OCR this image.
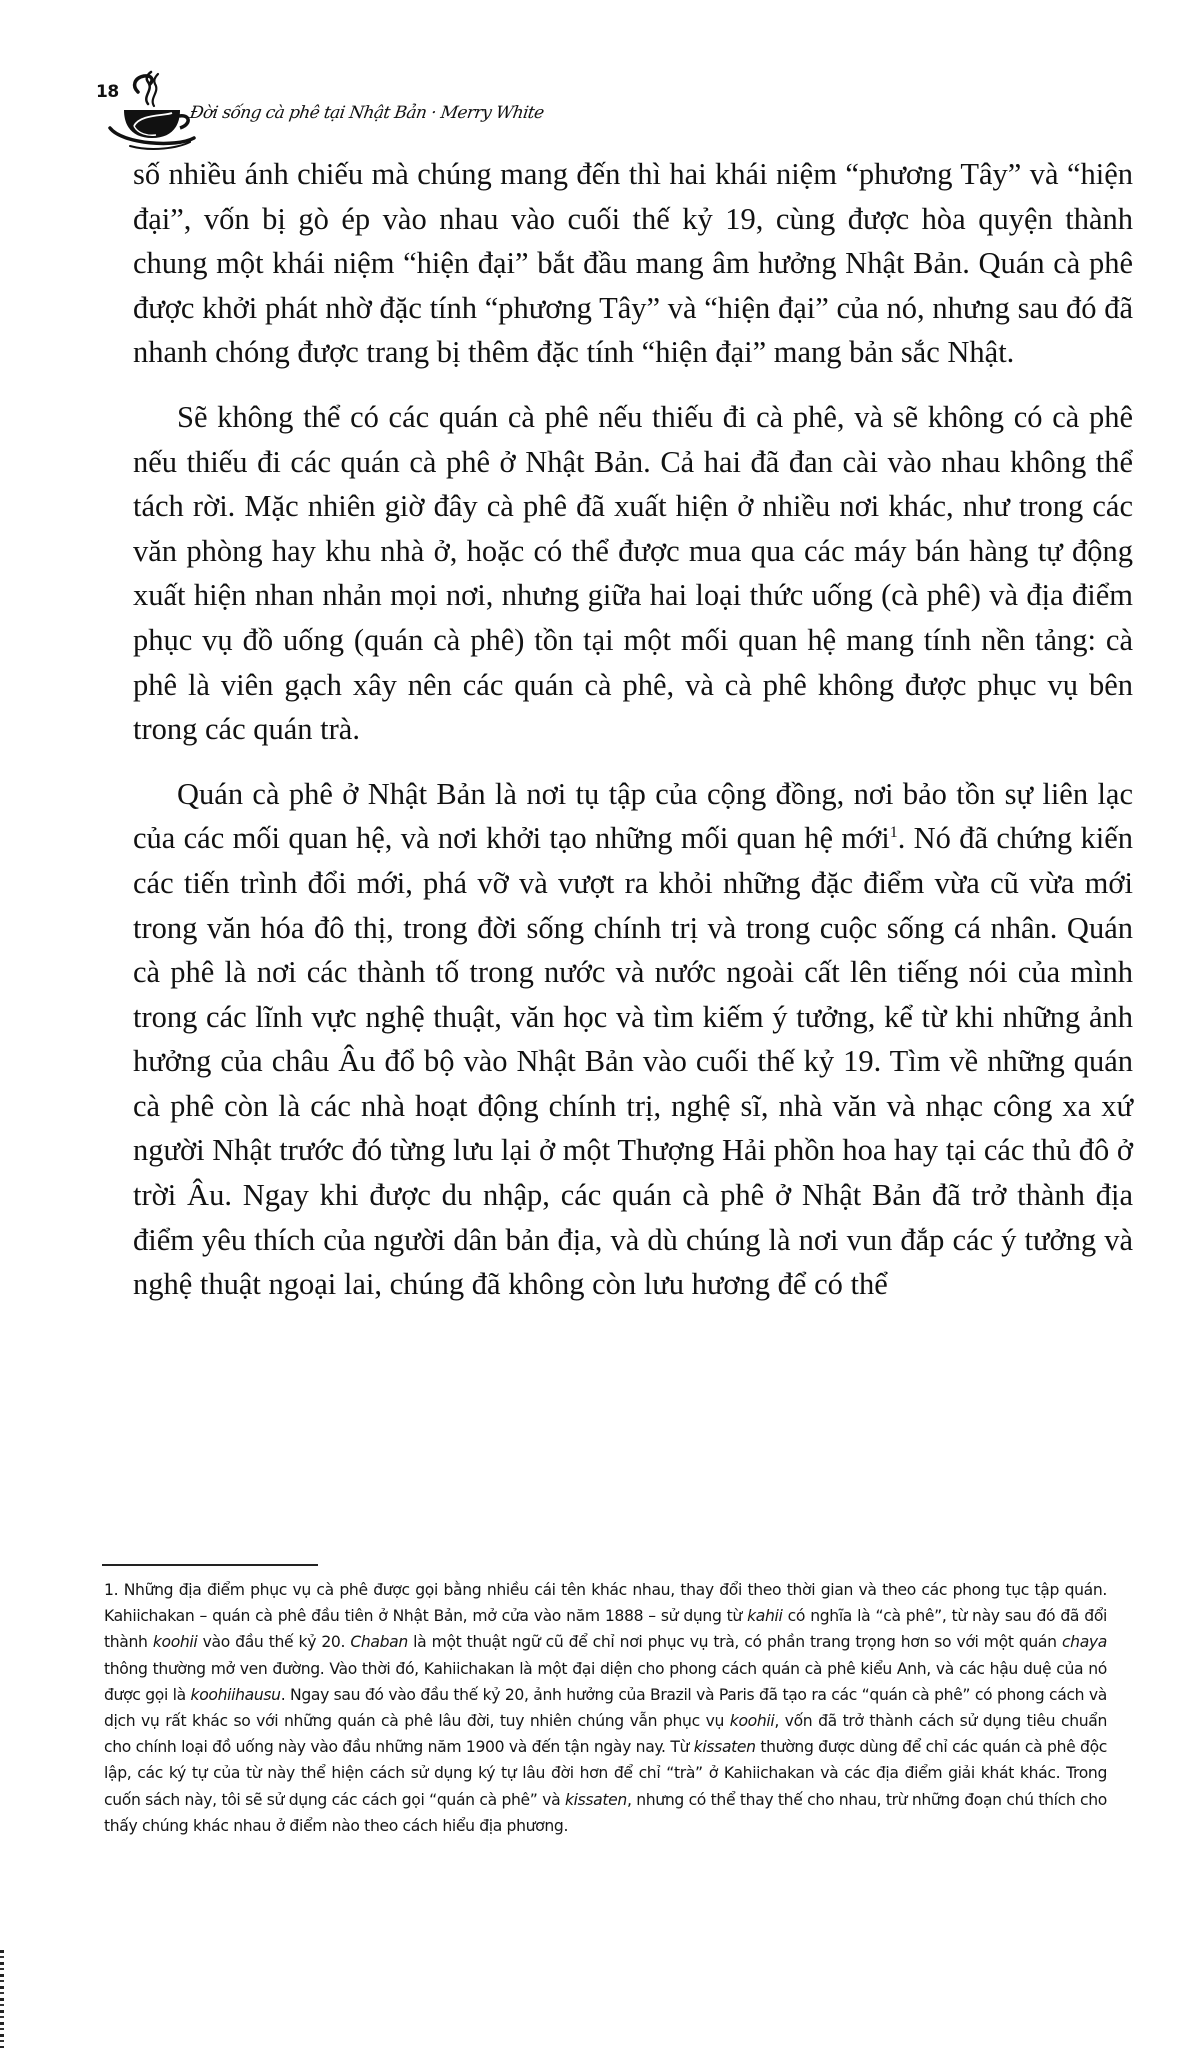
18
Đời sống cà phê tại Nhật Bản · Merry White

số nhiều ánh chiếu mà chúng mang đến thì hai khái niệm “phương Tây” và “hiện đại”, vốn bị gò ép vào nhau vào cuối thế kỷ 19, cùng được hòa quyện thành chung một khái niệm “hiện đại” bắt đầu mang âm hưởng Nhật Bản. Quán cà phê được khởi phát nhờ đặc tính “phương Tây” và “hiện đại” của nó, nhưng sau đó đã nhanh chóng được trang bị thêm đặc tính “hiện đại” mang bản sắc Nhật.

Sẽ không thể có các quán cà phê nếu thiếu đi cà phê, và sẽ không có cà phê nếu thiếu đi các quán cà phê ở Nhật Bản. Cả hai đã đan cài vào nhau không thể tách rời. Mặc nhiên giờ đây cà phê đã xuất hiện ở nhiều nơi khác, như trong các văn phòng hay khu nhà ở, hoặc có thể được mua qua các máy bán hàng tự động xuất hiện nhan nhản mọi nơi, nhưng giữa hai loại thức uống (cà phê) và địa điểm phục vụ đồ uống (quán cà phê) tồn tại một mối quan hệ mang tính nền tảng: cà phê là viên gạch xây nên các quán cà phê, và cà phê không được phục vụ bên trong các quán trà.

Quán cà phê ở Nhật Bản là nơi tụ tập của cộng đồng, nơi bảo tồn sự liên lạc của các mối quan hệ, và nơi khởi tạo những mối quan hệ mới$^1$. Nó đã chứng kiến các tiến trình đổi mới, phá vỡ và vượt ra khỏi những đặc điểm vừa cũ vừa mới trong văn hóa đô thị, trong đời sống chính trị và trong cuộc sống cá nhân. Quán cà phê là nơi các thành tố trong nước và nước ngoài cất lên tiếng nói của mình trong các lĩnh vực nghệ thuật, văn học và tìm kiếm ý tưởng, kể từ khi những ảnh hưởng của châu Âu đổ bộ vào Nhật Bản vào cuối thế kỷ 19. Tìm về những quán cà phê còn là các nhà hoạt động chính trị, nghệ sĩ, nhà văn và nhạc công xa xứ người Nhật trước đó từng lưu lại ở một Thượng Hải phồn hoa hay tại các thủ đô ở trời Âu. Ngay khi được du nhập, các quán cà phê ở Nhật Bản đã trở thành địa điểm yêu thích của người dân bản địa, và dù chúng là nơi vun đắp các ý tưởng và nghệ thuật ngoại lai, chúng đã không còn lưu hương để có thể

1. Những địa điểm phục vụ cà phê được gọi bằng nhiều cái tên khác nhau, thay đổi theo thời gian và theo các phong tục tập quán. Kahiichakan – quán cà phê đầu tiên ở Nhật Bản, mở cửa vào năm 1888 – sử dụng từ kahii có nghĩa là “cà phê”, từ này sau đó đã đổi thành koohii vào đầu thế kỷ 20. Chaban là một thuật ngữ cũ để chỉ nơi phục vụ trà, có phần trang trọng hơn so với một quán chaya thông thường mở ven đường. Vào thời đó, Kahiichakan là một đại diện cho phong cách quán cà phê kiểu Anh, và các hậu duệ của nó được gọi là koohiihausu. Ngay sau đó vào đầu thế kỷ 20, ảnh hưởng của Brazil và Paris đã tạo ra các “quán cà phê” có phong cách và dịch vụ rất khác so với những quán cà phê lâu đời, tuy nhiên chúng vẫn phục vụ koohii, vốn đã trở thành cách sử dụng tiêu chuẩn cho chính loại đồ uống này vào đầu những năm 1900 và đến tận ngày nay. Từ kissaten thường được dùng để chỉ các quán cà phê độc lập, các ký tự của từ này thể hiện cách sử dụng ký tự lâu đời hơn để chỉ “trà” ở Kahiichakan và các địa điểm giải khát khác. Trong cuốn sách này, tôi sẽ sử dụng các cách gọi “quán cà phê” và kissaten, nhưng có thể thay thế cho nhau, trừ những đoạn chú thích cho thấy chúng khác nhau ở điểm nào theo cách hiểu địa phương.
